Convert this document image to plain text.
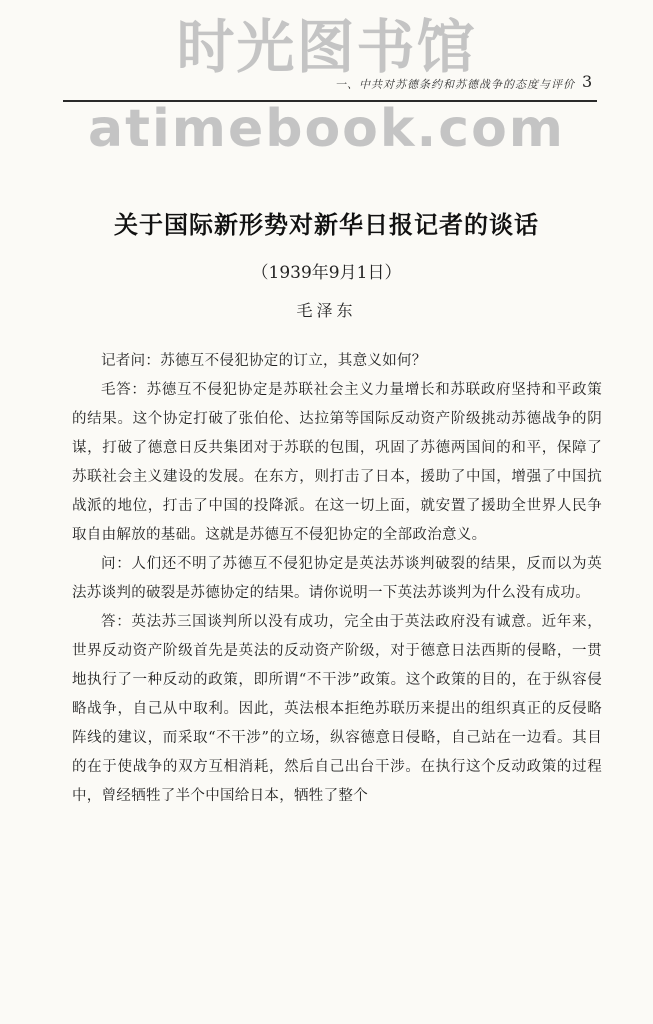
时光图书馆
atimebook.com
一、中共对苏德条约和苏德战争的态度与评价 3
关于国际新形势对新华日报记者的谈话
（1939年9月1日）
毛泽东

记者问：苏德互不侵犯协定的订立，其意义如何？

毛答：苏德互不侵犯协定是苏联社会主义力量增长和苏联政府坚持和平政策的结果。这个协定打破了张伯伦、达拉第等国际反动资产阶级挑动苏德战争的阴谋，打破了德意日反共集团对于苏联的包围，巩固了苏德两国间的和平，保障了苏联社会主义建设的发展。在东方，则打击了日本，援助了中国，增强了中国抗战派的地位，打击了中国的投降派。在这一切上面，就安置了援助全世界人民争取自由解放的基础。这就是苏德互不侵犯协定的全部政治意义。

问：人们还不明了苏德互不侵犯协定是英法苏谈判破裂的结果，反而以为英法苏谈判的破裂是苏德协定的结果。请你说明一下英法苏谈判为什么没有成功。

答：英法苏三国谈判所以没有成功，完全由于英法政府没有诚意。近年来，世界反动资产阶级首先是英法的反动资产阶级，对于德意日法西斯的侵略，一贯地执行了一种反动的政策，即所谓“不干涉”政策。这个政策的目的，在于纵容侵略战争，自己从中取利。因此，英法根本拒绝苏联历来提出的组织真正的反侵略阵线的建议，而采取“不干涉”的立场，纵容德意日侵略，自己站在一边看。其目的在于使战争的双方互相消耗，然后自己出台干涉。在执行这个反动政策的过程中，曾经牺牲了半个中国给日本，牺牲了整个
